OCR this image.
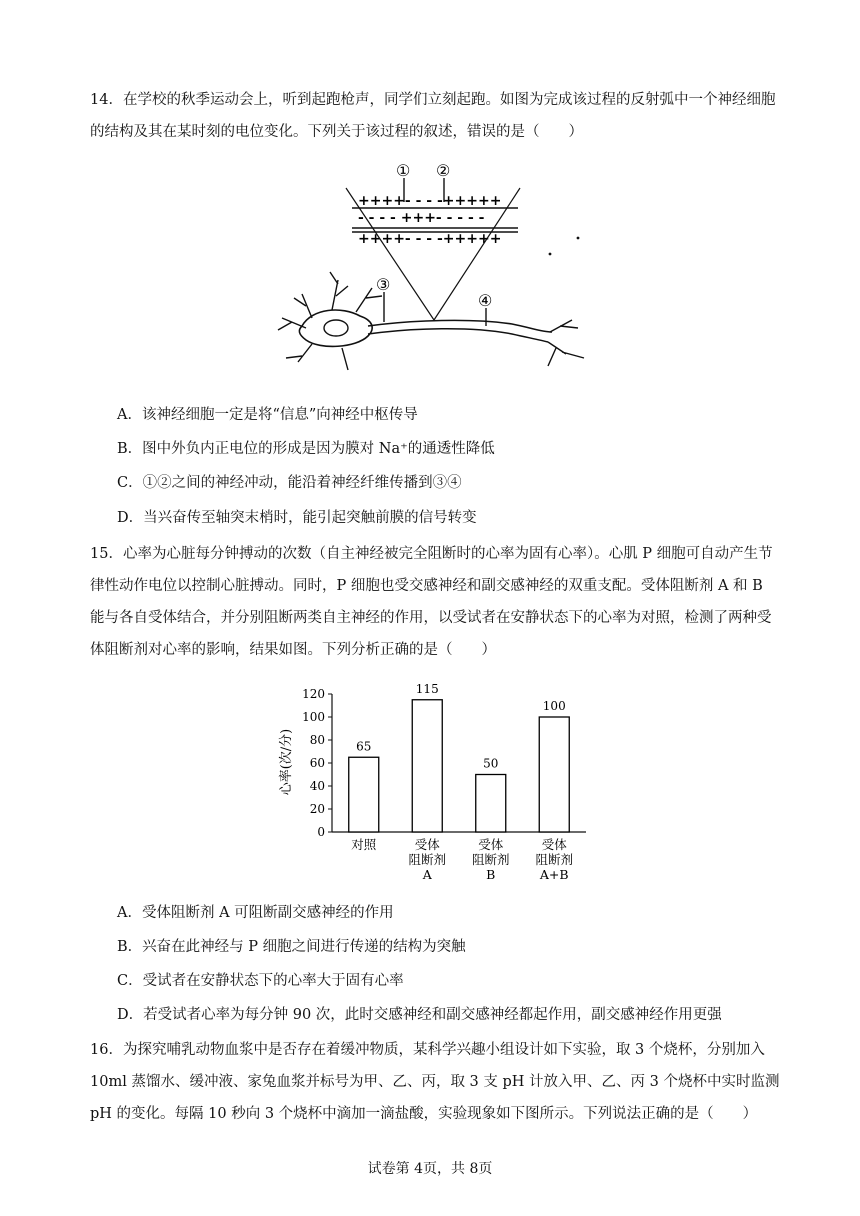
14．在学校的秋季运动会上，听到起跑枪声，同学们立刻起跑。如图为完成该过程的反射弧中一个神经细胞的结构及其在某时刻的电位变化。下列关于该过程的叙述，错误的是（　　）

++++- - - -+++++
- - - - +++- - - - -
++++- - - -+++++
① ②
③
④
A．该神经细胞一定是将“信息”向神经中枢传导
B．图中外负内正电位的形成是因为膜对 Na⁺的通透性降低
C．①②之间的神经冲动，能沿着神经纤维传播到③④
D．当兴奋传至轴突末梢时，能引起突触前膜的信号转变

15．心率为心脏每分钟搏动的次数（自主神经被完全阻断时的心率为固有心率）。心肌 P 细胞可自动产生节律性动作电位以控制心脏搏动。同时，P 细胞也受交感神经和副交感神经的双重支配。受体阻断剂 A 和 B 能与各自受体结合，并分别阻断两类自主神经的作用，以受试者在安静状态下的心率为对照，检测了两种受体阻断剂对心率的影响，结果如图。下列分析正确的是（　　）

心率(次/分)	65
115
50
100
0
20
40
60
80
100
120
对照	受体
阻断剂
A
受体
阻断剂
B
受体
阻断剂
A+B
A．受体阻断剂 A 可阻断副交感神经的作用
B．兴奋在此神经与 P 细胞之间进行传递的结构为突触
C．受试者在安静状态下的心率大于固有心率
D．若受试者心率为每分钟 90 次，此时交感神经和副交感神经都起作用，副交感神经作用更强

16．为探究哺乳动物血浆中是否存在着缓冲物质，某科学兴趣小组设计如下实验，取 3 个烧杯，分别加入 10ml 蒸馏水、缓冲液、家兔血浆并标号为甲、乙、丙，取 3 支 pH 计放入甲、乙、丙 3 个烧杯中实时监测 pH 的变化。每隔 10 秒向 3 个烧杯中滴加一滴盐酸，实验现象如下图所示。下列说法正确的是（　　）

试卷第 4页，共 8页
